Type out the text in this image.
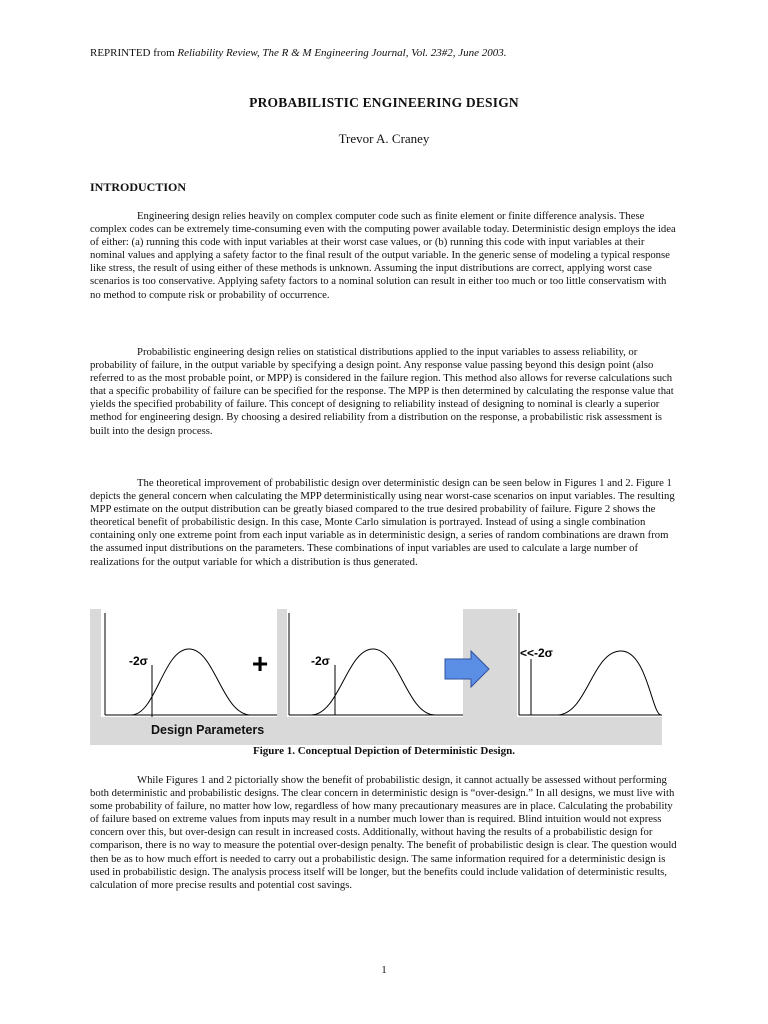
REPRINTED from Reliability Review, The R & M Engineering Journal, Vol. 23#2, June 2003.
PROBABILISTIC ENGINEERING DESIGN
Trevor A. Craney
INTRODUCTION

Engineering design relies heavily on complex computer code such as finite element or finite difference analysis. These complex codes can be extremely time-consuming even with the computing power available today. Deterministic design employs the idea of either: (a) running this code with input variables at their worst case values, or (b) running this code with input variables at their nominal values and applying a safety factor to the final result of the output variable. In the generic sense of modeling a typical response like stress, the result of using either of these methods is unknown. Assuming the input distributions are correct, applying worst case scenarios is too conservative. Applying safety factors to a nominal solution can result in either too much or too little conservatism with no method to compute risk or probability of occurrence.

Probabilistic engineering design relies on statistical distributions applied to the input variables to assess reliability, or probability of failure, in the output variable by specifying a design point. Any response value passing beyond this design point (also referred to as the most probable point, or MPP) is considered in the failure region. This method also allows for reverse calculations such that a specific probability of failure can be specified for the response. The MPP is then determined by calculating the response value that yields the specified probability of failure. This concept of designing to reliability instead of designing to nominal is clearly a superior method for engineering design. By choosing a desired reliability from a distribution on the response, a probabilistic risk assessment is built into the design process.

The theoretical improvement of probabilistic design over deterministic design can be seen below in Figures 1 and 2. Figure 1 depicts the general concern when calculating the MPP deterministically using near worst-case scenarios on input variables. The resulting MPP estimate on the output distribution can be greatly biased compared to the true desired probability of failure. Figure 2 shows the theoretical benefit of probabilistic design. In this case, Monte Carlo simulation is portrayed. Instead of using a single combination containing only one extreme point from each input variable as in deterministic design, a series of random combinations are drawn from the assumed input distributions on the parameters. These combinations of input variables are used to calculate a large number of realizations for the output variable for which a distribution is thus generated.

-2σ	+	-2σ
<<-2σ
Design Parameters
Figure 1. Conceptual Depiction of Deterministic Design.

While Figures 1 and 2 pictorially show the benefit of probabilistic design, it cannot actually be assessed without performing both deterministic and probabilistic designs. The clear concern in deterministic design is “over-design.” In all designs, we must live with some probability of failure, no matter how low, regardless of how many precautionary measures are in place. Calculating the probability of failure based on extreme values from inputs may result in a number much lower than is required. Blind intuition would not express concern over this, but over-design can result in increased costs. Additionally, without having the results of a probabilistic design for comparison, there is no way to measure the potential over-design penalty. The benefit of probabilistic design is clear. The question would then be as to how much effort is needed to carry out a probabilistic design. The same information required for a deterministic design is used in probabilistic design. The analysis process itself will be longer, but the benefits could include validation of deterministic results, calculation of more precise results and potential cost savings.

1
